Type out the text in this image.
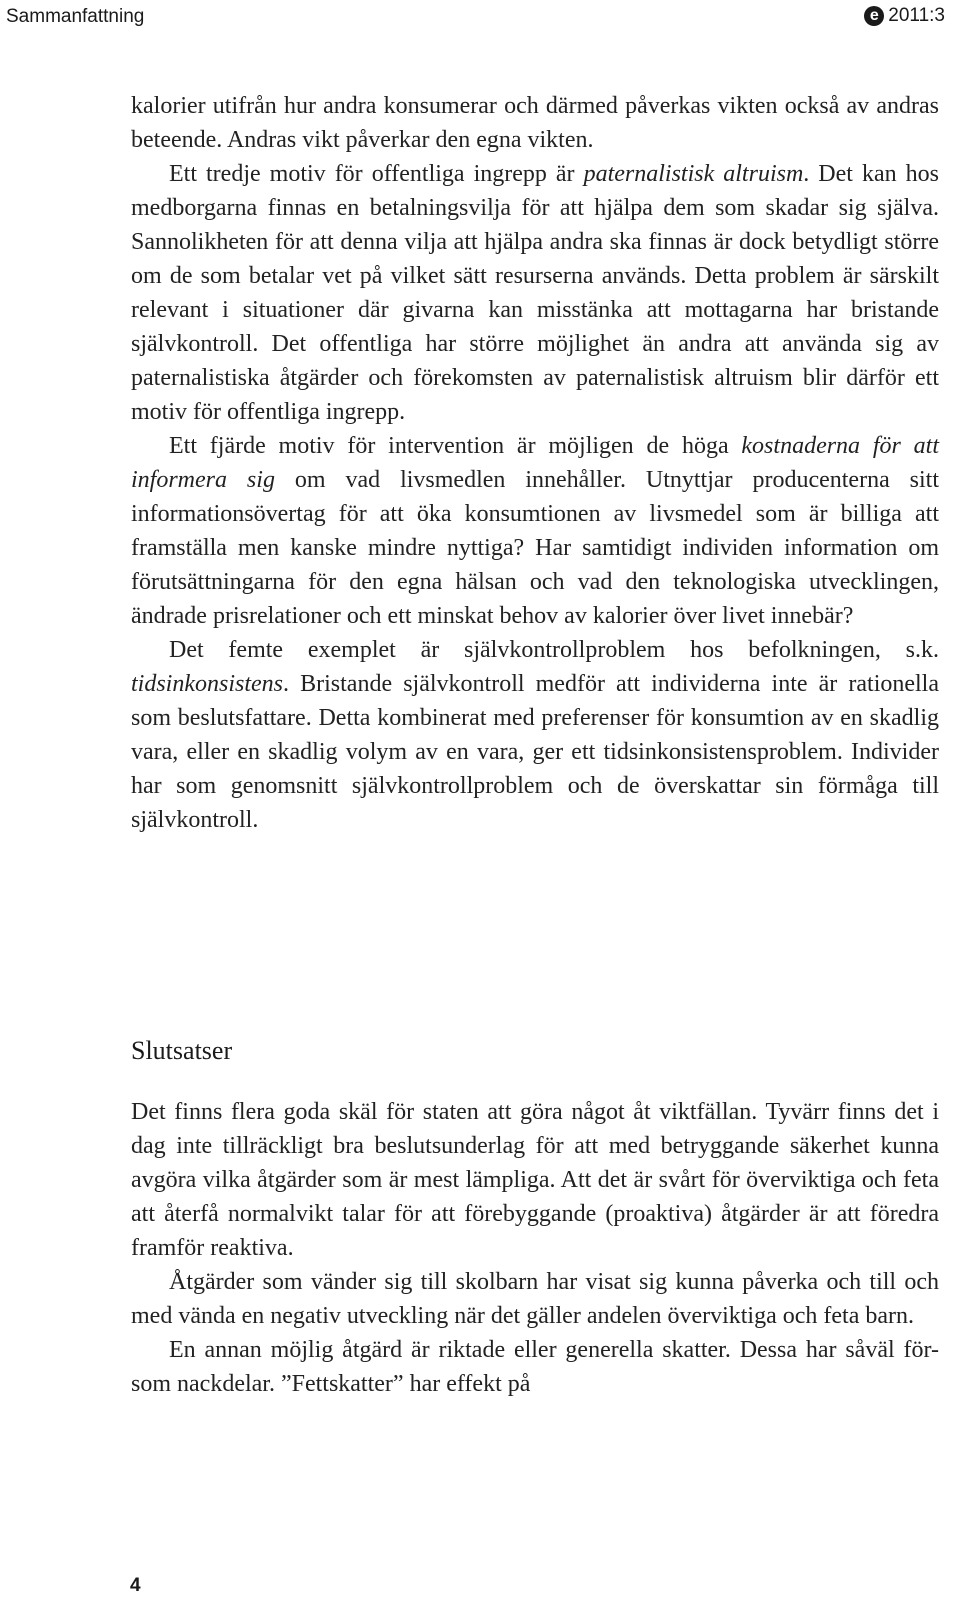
Sammanfattning	e 2011:3

kalorier utifrån hur andra konsumerar och därmed påverkas vikten också av andras beteende. Andras vikt påverkar den egna vikten.

Ett tredje motiv för offentliga ingrepp är paternalistisk altruism. Det kan hos medborgarna finnas en betalningsvilja för att hjälpa dem som skadar sig själva. Sannolikheten för att denna vilja att hjälpa andra ska finnas är dock betydligt större om de som betalar vet på vilket sätt resurserna används. Detta problem är särskilt relevant i situationer där givarna kan misstänka att mottagarna har bristande självkontroll. Det offentliga har större möjlighet än andra att använda sig av paternalistiska åtgärder och förekomsten av paternalistisk altruism blir därför ett motiv för offentliga ingrepp.

Ett fjärde motiv för intervention är möjligen de höga kostnaderna för att informera sig om vad livsmedlen innehåller. Utnyttjar producenterna sitt informationsövertag för att öka konsumtionen av livsmedel som är billiga att framställa men kanske mindre nyttiga? Har samtidigt individen information om förutsättningarna för den egna hälsan och vad den teknologiska utvecklingen, ändrade prisrelationer och ett minskat behov av kalorier över livet innebär?

Det femte exemplet är självkontrollproblem hos befolkningen, s.k. tidsinkonsistens. Bristande självkontroll medför att individerna inte är rationella som beslutsfattare. Detta kombinerat med preferenser för konsumtion av en skadlig vara, eller en skadlig volym av en vara, ger ett tidsinkonsistensproblem. Individer har som genomsnitt självkontrollproblem och de överskattar sin förmåga till självkontroll.

Slutsatser

Det finns flera goda skäl för staten att göra något åt viktfällan. Tyvärr finns det i dag inte tillräckligt bra beslutsunderlag för att med betryggande säkerhet kunna avgöra vilka åtgärder som är mest lämpliga. Att det är svårt för överviktiga och feta att återfå normalvikt talar för att förebyggande (proaktiva) åtgärder är att föredra framför reaktiva.

Åtgärder som vänder sig till skolbarn har visat sig kunna påverka och till och med vända en negativ utveckling när det gäller andelen överviktiga och feta barn.

En annan möjlig åtgärd är riktade eller generella skatter. Dessa har såväl för- som nackdelar. ”Fettskatter” har effekt på

4
